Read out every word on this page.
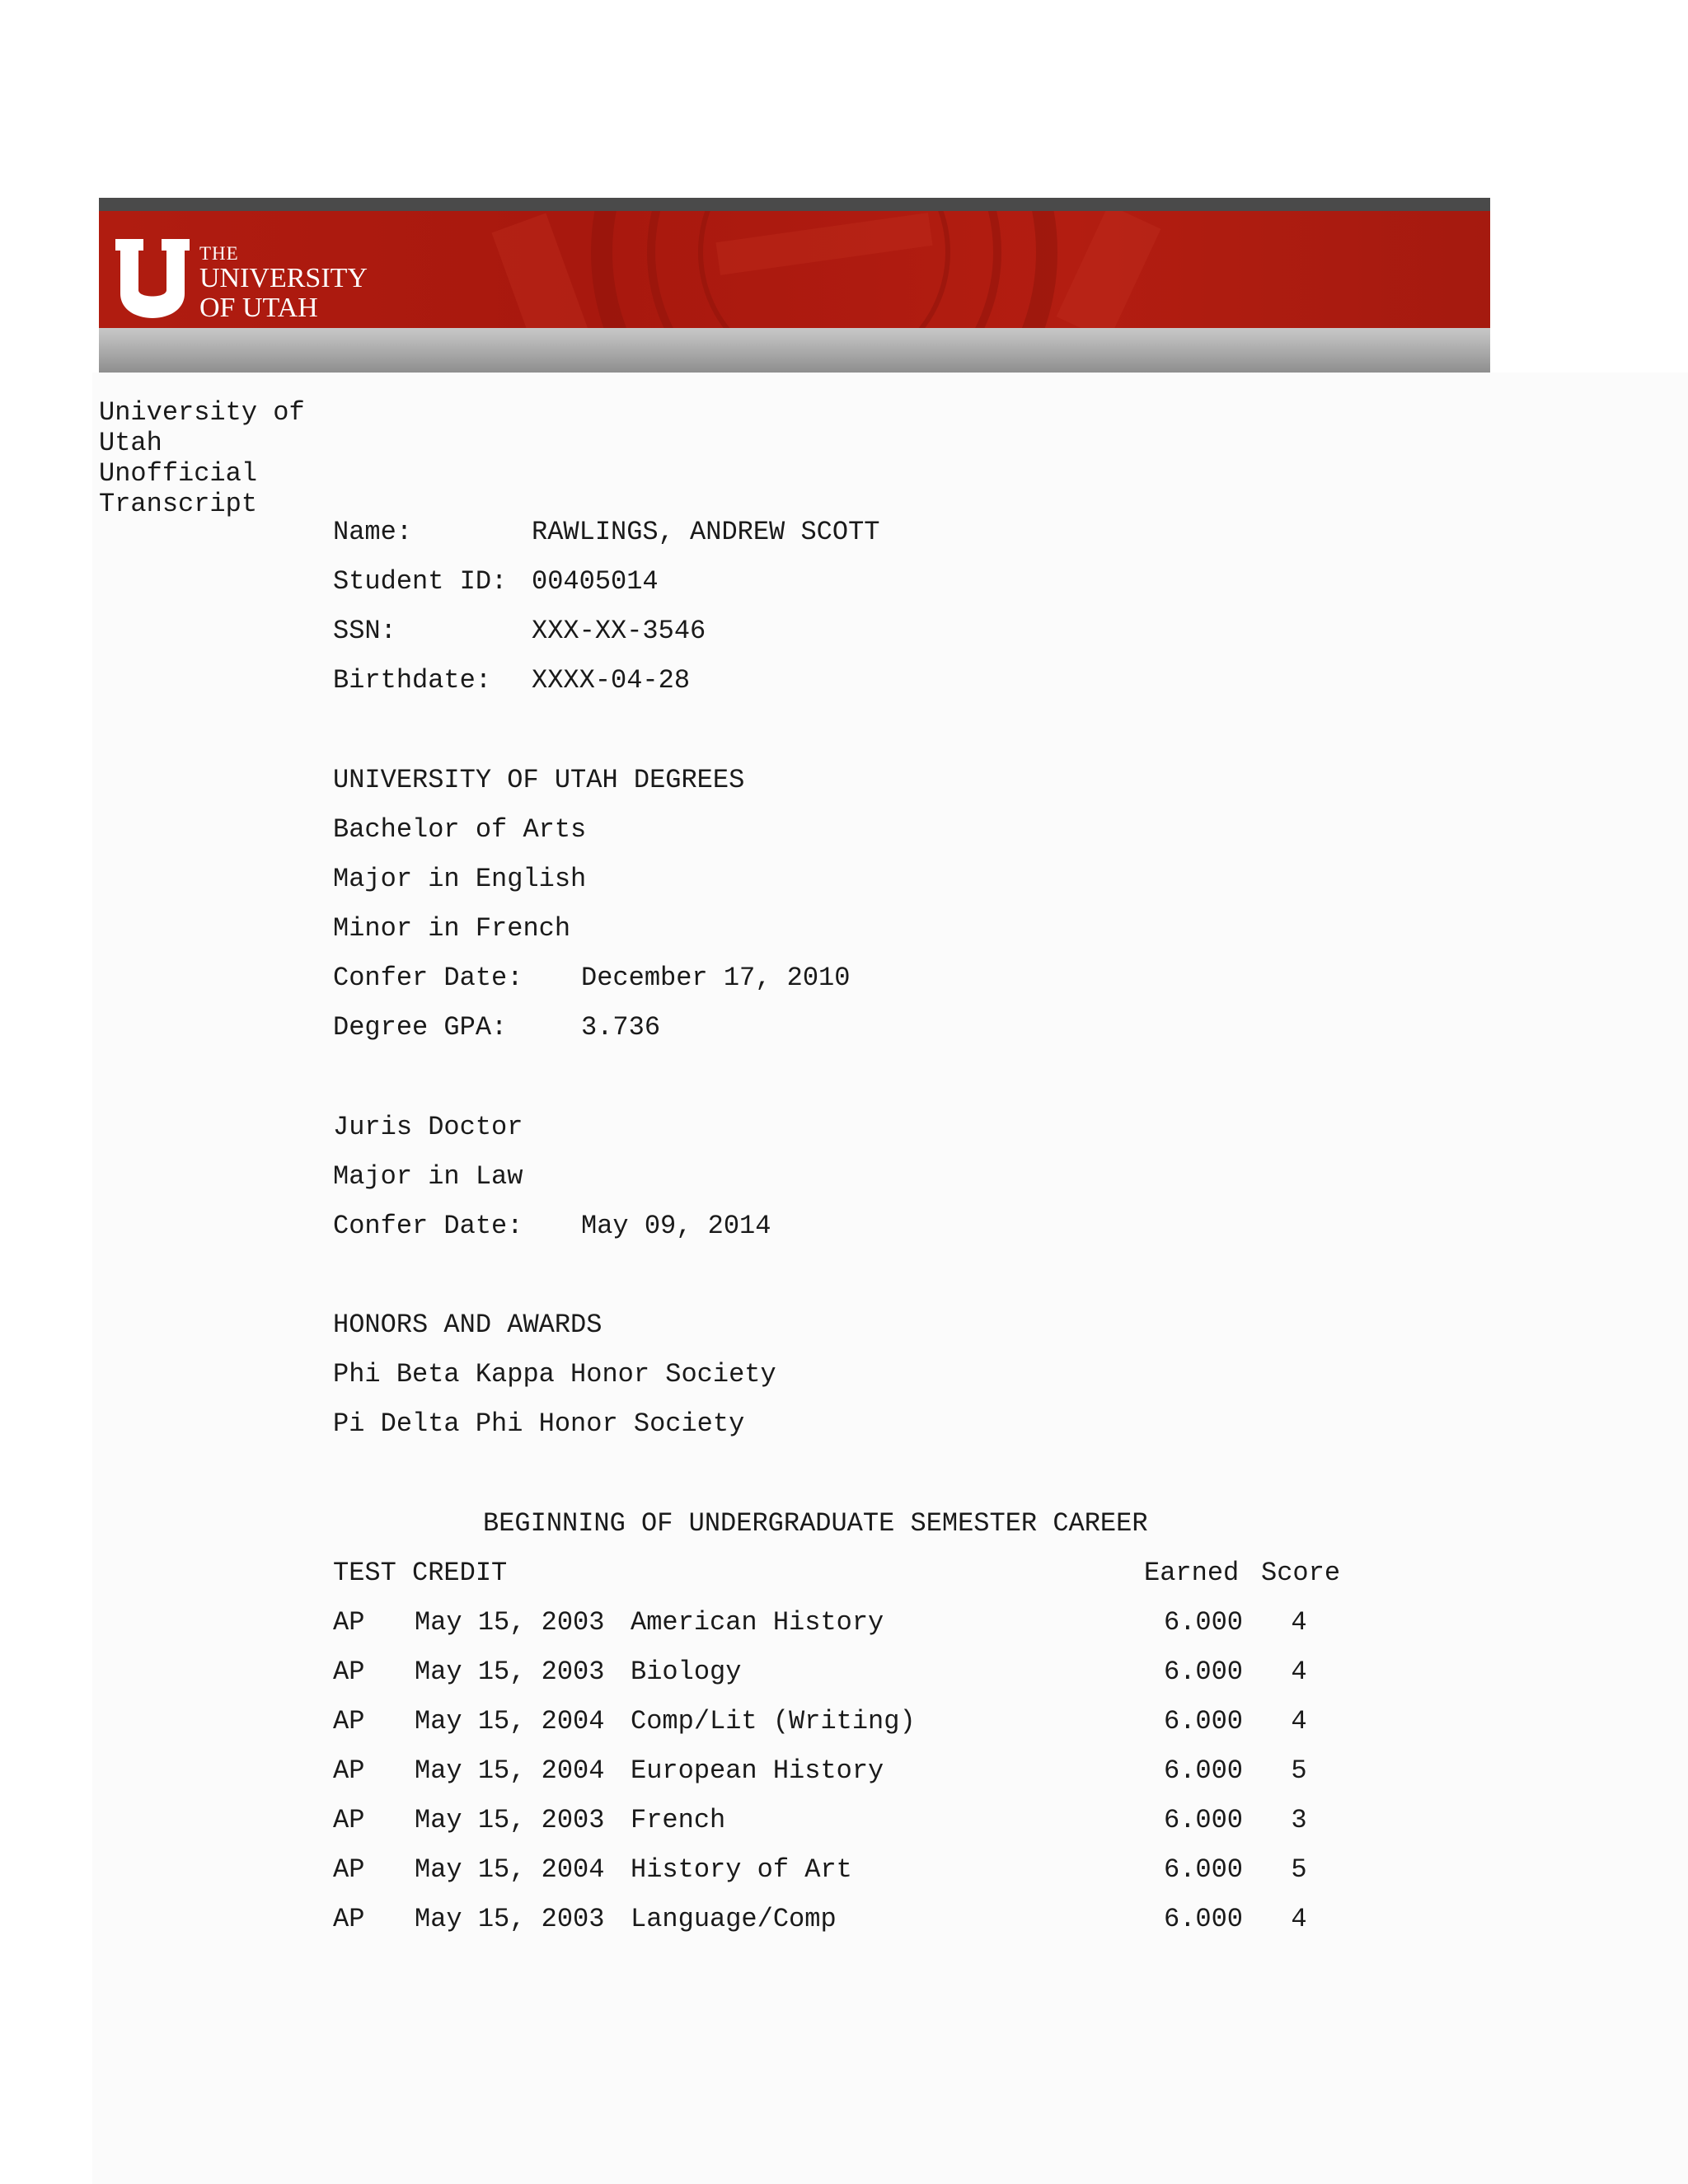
THE
UNIVERSITY
OF UTAH
University of
Utah
Unofficial
Transcript
Name:	RAWLINGS, ANDREW SCOTT
Student ID: 00405014
SSN:	XXX-XX-3546
Birthdate: XXXX-04-28
UNIVERSITY OF UTAH DEGREES
Bachelor of Arts
Major in English
Minor in French
Confer Date: December 17, 2010
Degree GPA:	3.736
Juris Doctor
Major in Law
Confer Date: May 09, 2014
HONORS AND AWARDS
Phi Beta Kappa Honor Society
Pi Delta Phi Honor Society
BEGINNING OF UNDERGRADUATE SEMESTER CAREER
TEST CREDIT	Earned Score
AP May 15, 2003 American History	6.000	4
AP May 15, 2003 Biology	6.000	4
AP May 15, 2004 Comp/Lit (Writing)	6.000	4
AP May 15, 2004 European History	6.000	5
AP May 15, 2003 French	6.000	3
AP May 15, 2004 History of Art	6.000	5
AP May 15, 2003 Language/Comp	6.000	4
